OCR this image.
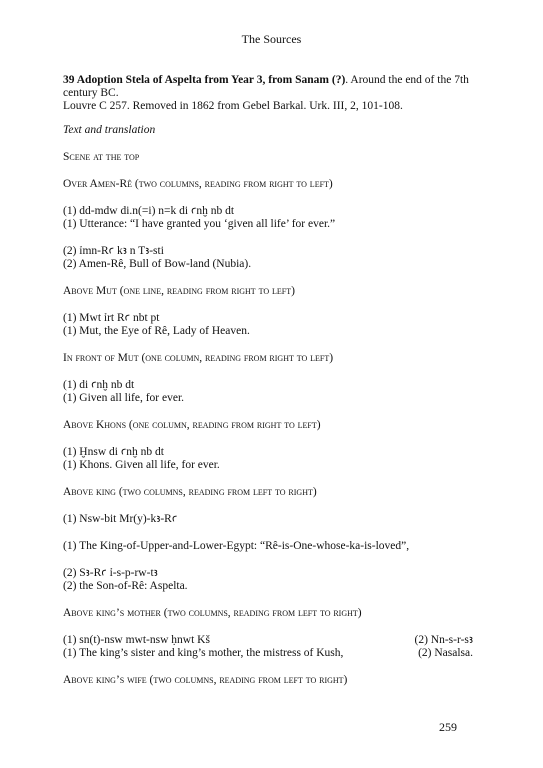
The Sources

39 Adoption Stela of Aspelta from Year 3, from Sanam (?). Around the end of the 7th century BC.
Louvre C 257. Removed in 1862 from Gebel Barkal. Urk. III, 2, 101-108.

Text and translation

Scene at the top

Over Amen-Rê (two columns, reading from right to left)

(1) dd-mdw di.n(=i) n=k di ꜥnḫ nb dt
(1) Utterance: “I have granted you ‘given all life’ for ever.”
(2) ỉmn-Rꜥ kꜣ n Tꜣ-sti
(2) Amen-Rê, Bull of Bow-land (Nubia).

Above Mut (one line, reading from right to left)

(1) Mwt ỉrt Rꜥ nbt pt
(1) Mut, the Eye of Rê, Lady of Heaven.

In front of Mut (one column, reading from right to left)

(1) di ꜥnḫ nb dt
(1) Given all life, for ever.

Above Khons (one column, reading from right to left)

(1) Ḫnsw di ꜥnḫ nb dt
(1) Khons. Given all life, for ever.

Above king (two columns, reading from left to right)

(1) Nsw-bit Mr(y)-kꜣ-Rꜥ
(1) The King-of-Upper-and-Lower-Egypt: “Rê-is-One-whose-ka-is-loved”,
(2) Sꜣ-Rꜥ ỉ-s-p-rw-tꜣ
(2) the Son-of-Rê: Aspelta.

Above king’s mother (two columns, reading from left to right)

(1) sn(t)-nsw mwt-nsw ḥnwt Kš	(2) Nn-s-r-sꜣ
(1) The king’s sister and king’s mother, the mistress of Kush,	(2) Nasalsa.

Above king’s wife (two columns, reading from left to right)

259
